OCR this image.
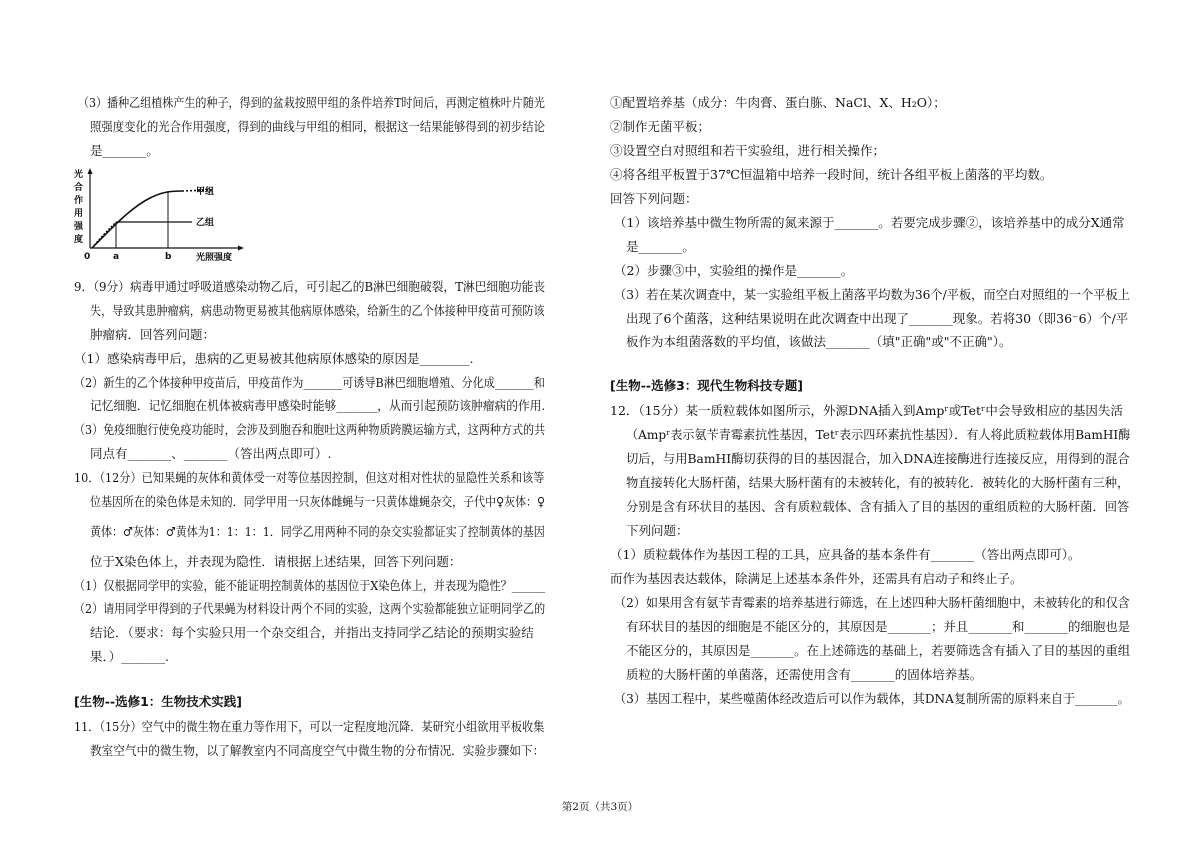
（3）播种乙组植株产生的种子，得到的盆栽按照甲组的条件培养T时间后，再测定植株叶片随光
照强度变化的光合作用强度，得到的曲线与甲组的相同，根据这一结果能够得到的初步结论
是_______。
光
合
作
用
强
度
甲组
乙组
0	a	b	光照强度
9．（9分）病毒甲通过呼吸道感染动物乙后，可引起乙的B淋巴细胞破裂，T淋巴细胞功能丧
失，导致其患肿瘤病，病患动物更易被其他病原体感染，给新生的乙个体接种甲疫苗可预防该
肿瘤病．回答列问题：
（1）感染病毒甲后，患病的乙更易被其他病原体感染的原因是________.
（2）新生的乙个体接种甲疫苗后，甲疫苗作为_______可诱导B淋巴细胞增殖、分化成_______和
记忆细胞．记忆细胞在机体被病毒甲感染时能够_______，从而引起预防该肿瘤病的作用.
（3）免疫细胞行使免疫功能时，会涉及到胞吞和胞吐这两种物质跨膜运输方式，这两种方式的共
同点有_______、_______（答出两点即可）.
10．（12分）已知果蝇的灰体和黄体受一对等位基因控制，但这对相对性状的显隐性关系和该等
位基因所在的染色体是未知的．同学甲用一只灰体雌蝇与一只黄体雄蝇杂交，子代中♀灰体：♀
黄体：♂灰体：♂黄体为1：1：1：1．同学乙用两种不同的杂交实验都证实了控制黄体的基因
位于X染色体上，并表现为隐性．请根据上述结果，回答下列问题：
（1）仅根据同学甲的实验，能不能证明控制黄体的基因位于X染色体上，并表现为隐性？______
（2）请用同学甲得到的子代果蝇为材料设计两个不同的实验，这两个实验都能独立证明同学乙的
结论．（要求：每个实验只用一个杂交组合，并指出支持同学乙结论的预期实验结
果．）_______.
[生物--选修1：生物技术实践]
11．（15分）空气中的微生物在重力等作用下，可以一定程度地沉降．某研究小组欲用平板收集
教室空气中的微生物，以了解教室内不同高度空气中微生物的分布情况．实验步骤如下：
①配置培养基（成分：牛肉膏、蛋白胨、NaCl、X、H₂O）；
②制作无菌平板；
③设置空白对照组和若干实验组，进行相关操作；
④将各组平板置于37℃恒温箱中培养一段时间，统计各组平板上菌落的平均数。
回答下列问题：
（1）该培养基中微生物所需的氮来源于_______。若要完成步骤②，该培养基中的成分X通常
是_______。
（2）步骤③中，实验组的操作是_______。
（3）若在某次调查中，某一实验组平板上菌落平均数为36个/平板，而空白对照组的一个平板上
出现了6个菌落，这种结果说明在此次调查中出现了_______现象。若将30（即36⁻6）个/平
板作为本组菌落数的平均值，该做法_______（填"正确"或"不正确"）。
[生物--选修3：现代生物科技专题]
12．（15分）某一质粒载体如图所示，外源DNA插入到Ampʳ或Tetʳ中会导致相应的基因失活
（Ampʳ表示氨苄青霉素抗性基因，Tetʳ表示四环素抗性基因）．有人将此质粒载体用BamHI酶
切后，与用BamHI酶切获得的目的基因混合，加入DNA连接酶进行连接反应，用得到的混合
物直接转化大肠杆菌，结果大肠杆菌有的未被转化，有的被转化．被转化的大肠杆菌有三种，
分别是含有环状目的基因、含有质粒载体、含有插入了目的基因的重组质粒的大肠杆菌．回答
下列问题：
（1）质粒载体作为基因工程的工具，应具备的基本条件有_______（答出两点即可）。
而作为基因表达载体，除满足上述基本条件外，还需具有启动子和终止子。
（2）如果用含有氨苄青霉素的培养基进行筛选，在上述四种大肠杆菌细胞中，未被转化的和仅含
有环状目的基因的细胞是不能区分的，其原因是_______；并且_______和_______的细胞也是
不能区分的，其原因是_______。在上述筛选的基础上，若要筛选含有插入了目的基因的重组
质粒的大肠杆菌的单菌落，还需使用含有_______的固体培养基。
（3）基因工程中，某些噬菌体经改造后可以作为载体，其DNA复制所需的原料来自于_______。
第2页（共3页）
